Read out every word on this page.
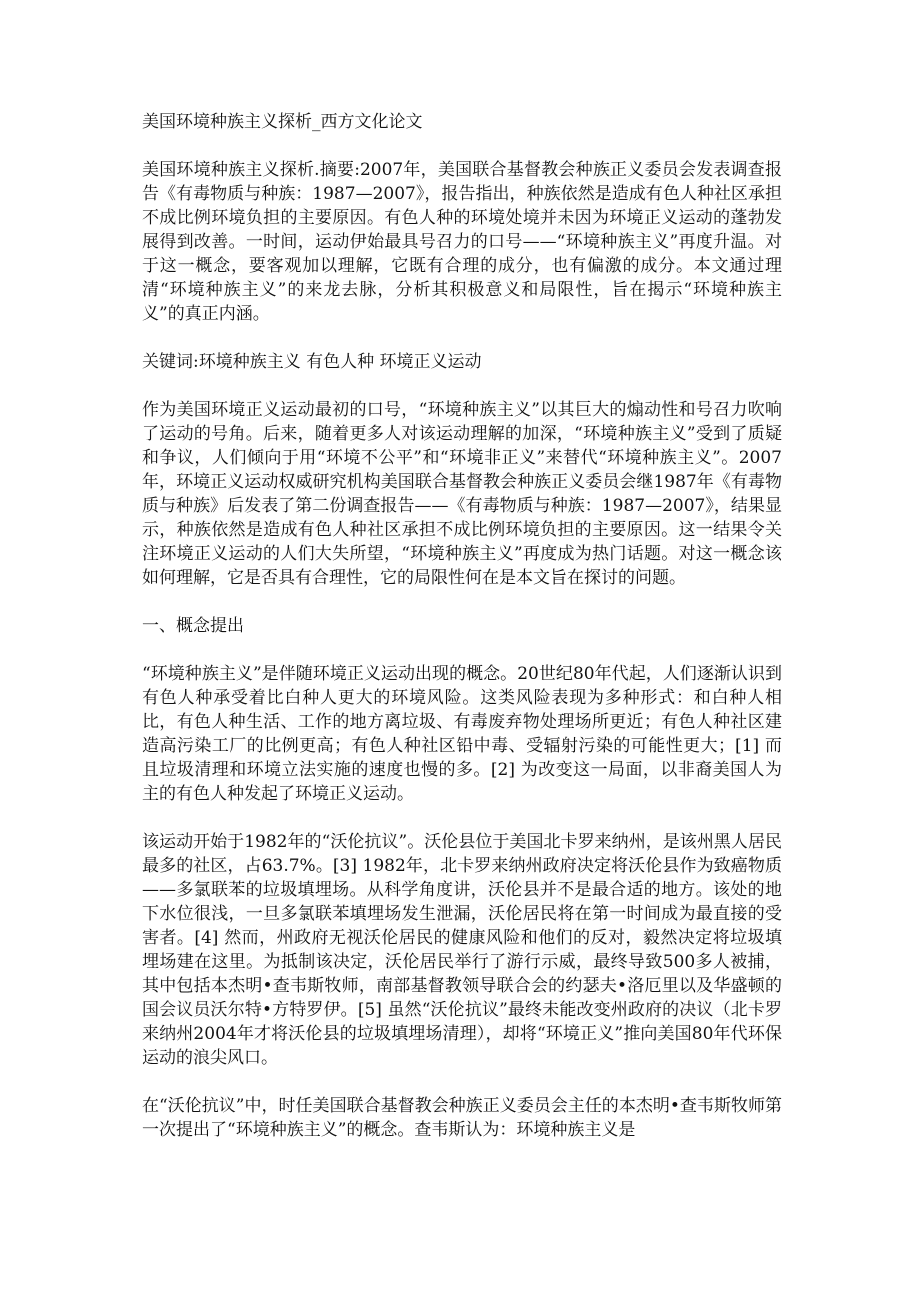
美国环境种族主义探析_西方文化论文

美国环境种族主义探析.摘要:2007年，美国联合基督教会种族正义委员会发表调查报告《有毒物质与种族：1987—2007》，报告指出，种族依然是造成有色人种社区承担不成比例环境负担的主要原因。有色人种的环境处境并未因为环境正义运动的蓬勃发展得到改善。一时间，运动伊始最具号召力的口号——“环境种族主义”再度升温。对于这一概念，要客观加以理解，它既有合理的成分，也有偏激的成分。本文通过理清“环境种族主义”的来龙去脉，分析其积极意义和局限性，旨在揭示“环境种族主义”的真正内涵。

关键词:环境种族主义 有色人种 环境正义运动

作为美国环境正义运动最初的口号，“环境种族主义”以其巨大的煽动性和号召力吹响了运动的号角。后来，随着更多人对该运动理解的加深，“环境种族主义”受到了质疑和争议，人们倾向于用“环境不公平”和“环境非正义”来替代“环境种族主义”。2007年，环境正义运动权威研究机构美国联合基督教会种族正义委员会继1987年《有毒物质与种族》后发表了第二份调查报告——《有毒物质与种族：1987—2007》，结果显示，种族依然是造成有色人种社区承担不成比例环境负担的主要原因。这一结果令关注环境正义运动的人们大失所望，“环境种族主义”再度成为热门话题。对这一概念该如何理解，它是否具有合理性，它的局限性何在是本文旨在探讨的问题。

一、概念提出

“环境种族主义”是伴随环境正义运动出现的概念。20世纪80年代起，人们逐渐认识到有色人种承受着比白种人更大的环境风险。这类风险表现为多种形式：和白种人相比，有色人种生活、工作的地方离垃圾、有毒废弃物处理场所更近；有色人种社区建造高污染工厂的比例更高；有色人种社区铅中毒、受辐射污染的可能性更大；[1] 而且垃圾清理和环境立法实施的速度也慢的多。[2] 为改变这一局面，以非裔美国人为主的有色人种发起了环境正义运动。

该运动开始于1982年的“沃伦抗议”。沃伦县位于美国北卡罗来纳州，是该州黑人居民最多的社区，占63.7%。[3] 1982年，北卡罗来纳州政府决定将沃伦县作为致癌物质——多氯联苯的垃圾填埋场。从科学角度讲，沃伦县并不是最合适的地方。该处的地下水位很浅，一旦多氯联苯填埋场发生泄漏，沃伦居民将在第一时间成为最直接的受害者。[4] 然而，州政府无视沃伦居民的健康风险和他们的反对，毅然决定将垃圾填埋场建在这里。为抵制该决定，沃伦居民举行了游行示威，最终导致500多人被捕，其中包括本杰明•查韦斯牧师，南部基督教领导联合会的约瑟夫•洛厄里以及华盛顿的国会议员沃尔特•方特罗伊。[5] 虽然“沃伦抗议”最终未能改变州政府的决议（北卡罗来纳州2004年才将沃伦县的垃圾填埋场清理），却将“环境正义”推向美国80年代环保运动的浪尖风口。

在“沃伦抗议”中，时任美国联合基督教会种族正义委员会主任的本杰明•查韦斯牧师第一次提出了“环境种族主义”的概念。查韦斯认为：环境种族主义是
